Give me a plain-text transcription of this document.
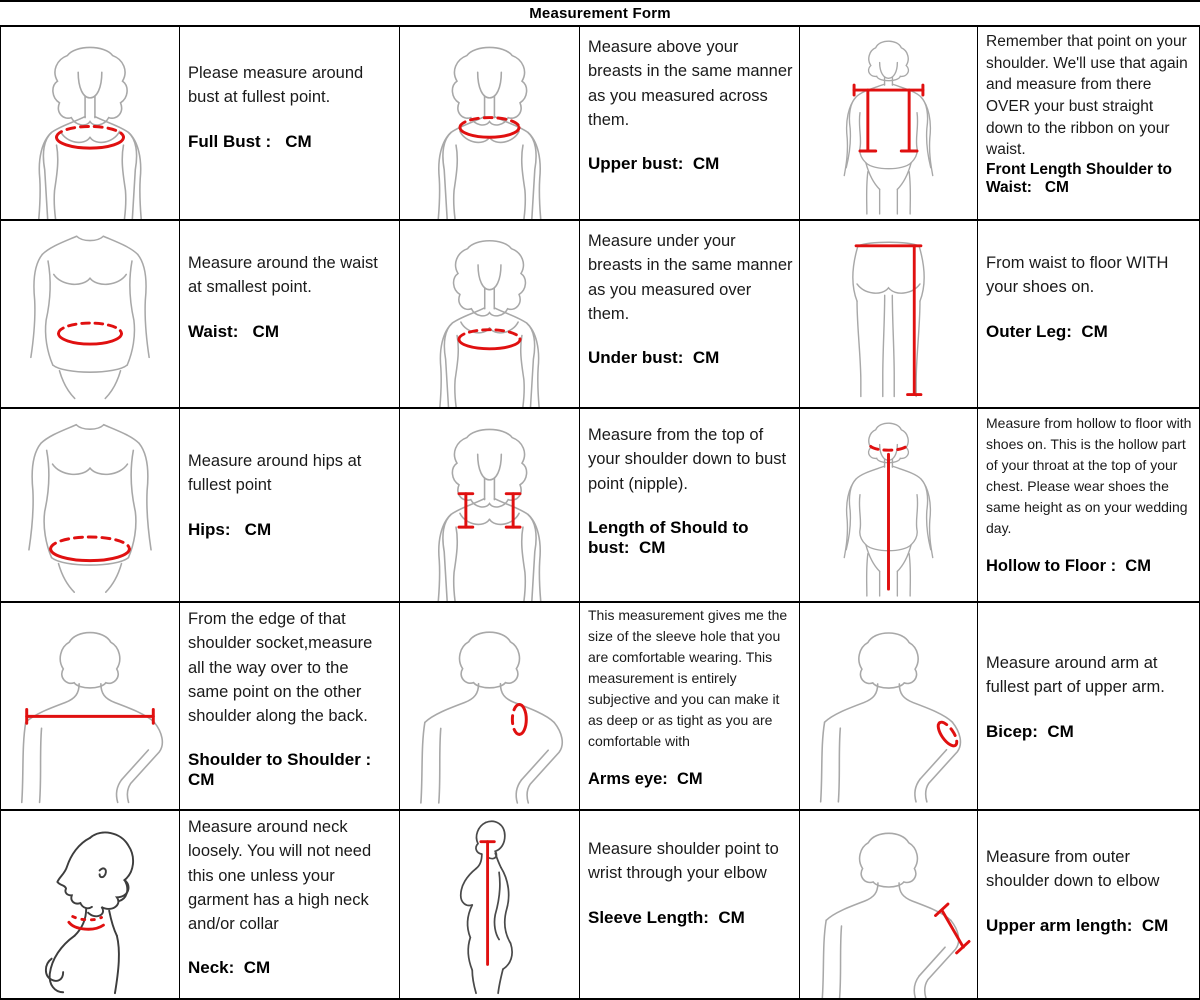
Measurement Form

Please measure around bust at fullest point.

Full Bust :   CM

Measure above your breasts in the same manner as you measured across them.

Upper bust:  CM

Remember that point on your shoulder. We'll use that again and measure from there OVER your bust straight down to the ribbon on your waist.

Front Length Shoulder to Waist:   CM

Measure around the waist at smallest point.

Waist:   CM

Measure under your breasts in the same manner as you measured over them.

Under bust:  CM

From waist to floor WITH your shoes on.

Outer Leg:  CM

Measure around hips at fullest point

Hips:   CM

Measure from the top of your shoulder down to bust point (nipple).

Length of Should to bust:  CM

Measure from hollow to floor with shoes on. This is the hollow part of your throat at the top of your chest. Please wear shoes the same height as on your wedding day.

Hollow to Floor :  CM

From the edge of that shoulder socket,measure all the way over to the same point on the other shoulder along the back.

Shoulder to Shoulder : CM

This measurement gives me the size of the sleeve hole that you are comfortable wearing. This measurement is entirely subjective and you can make it as deep or as tight as you are comfortable with

Arms eye:  CM

Measure around arm at fullest part of upper arm.

Bicep:  CM

Measure around neck loosely. You will not need this one unless your garment has a high neck and/or collar

Neck:  CM

Measure shoulder point to wrist through your elbow

Sleeve Length:  CM

Measure from outer shoulder down to elbow

Upper arm length:  CM
